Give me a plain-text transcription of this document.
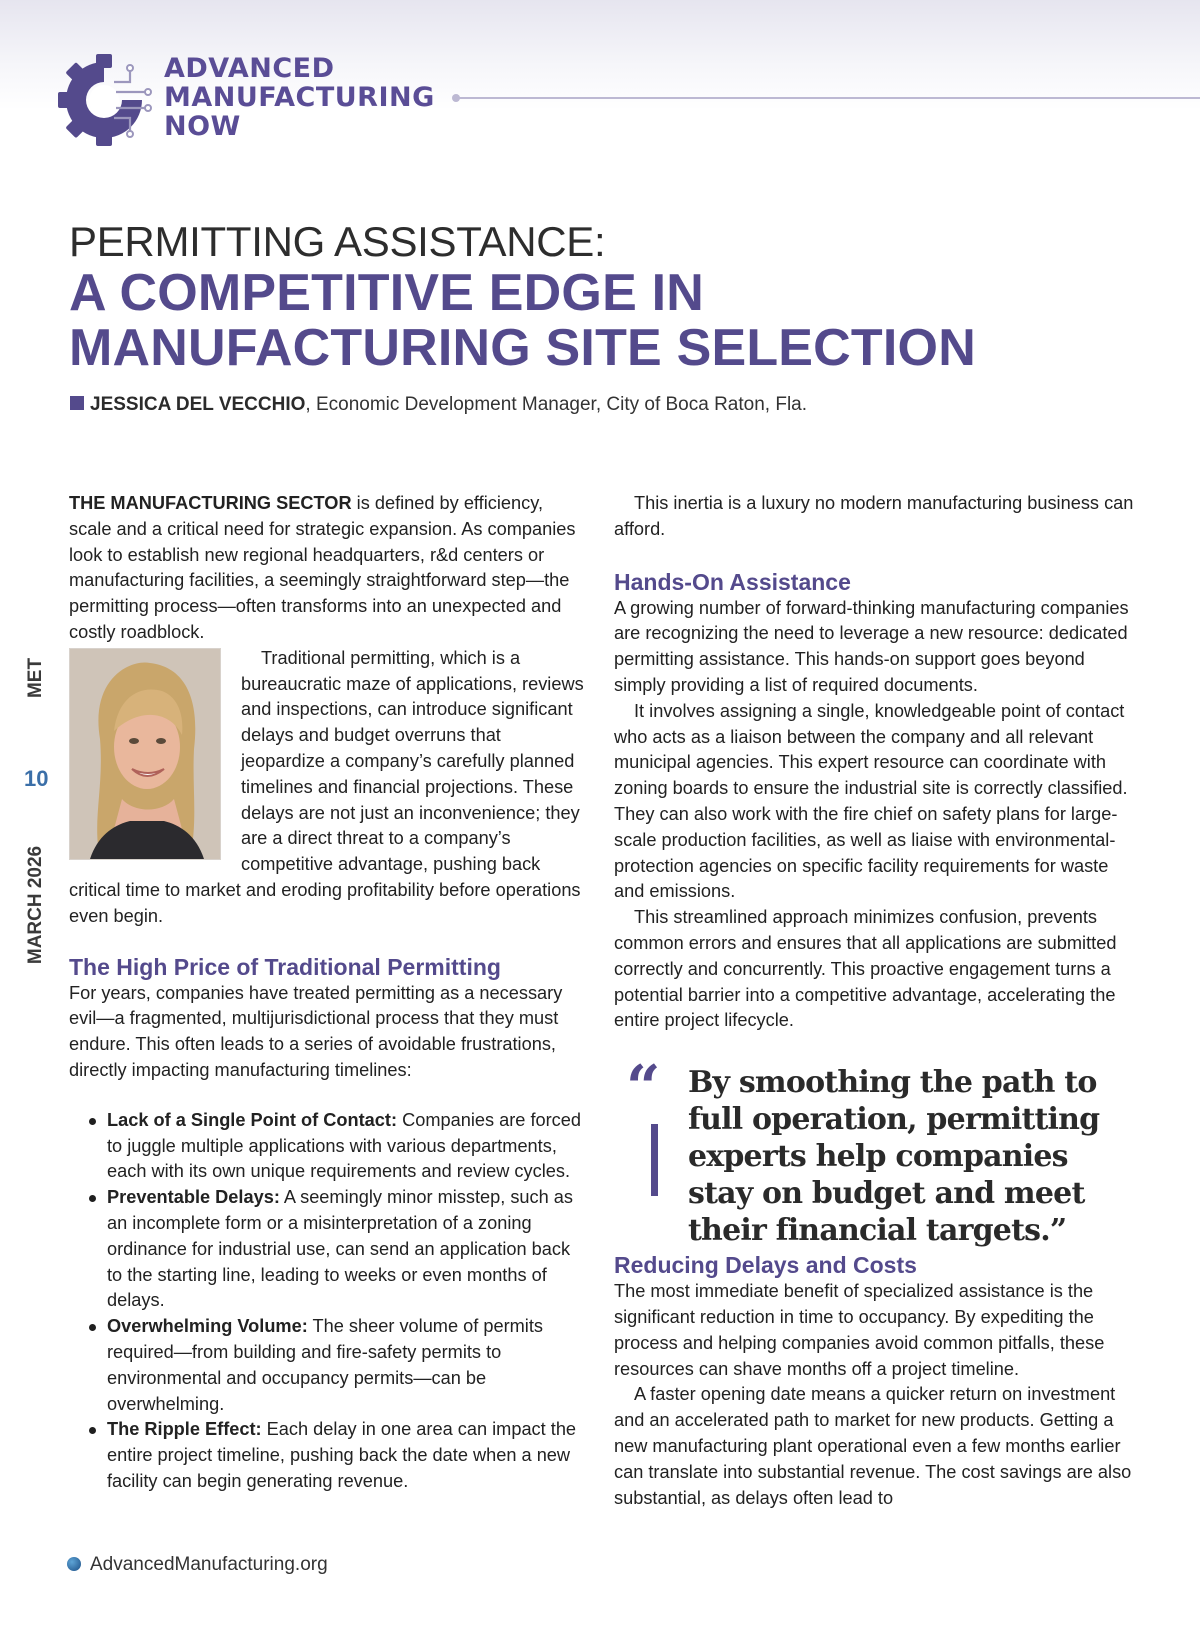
ADVANCED
MANUFACTURING
NOW
PERMITTING ASSISTANCE:
A COMPETITIVE EDGE IN
MANUFACTURING SITE SELECTION
JESSICA DEL VECCHIO, Economic Development Manager, City of Boca Raton, Fla.
MET
10
MARCH 2026

THE MANUFACTURING SECTOR is defined by efficiency, scale and a critical need for strategic expansion. As companies look to establish new regional headquarters, r&d centers or manufacturing facilities, a seemingly straightforward step—the permitting process—often transforms into an unexpected and costly roadblock.

Traditional permitting, which is a bureaucratic maze of applications, reviews and inspections, can introduce significant delays and budget overruns that jeopardize a company’s carefully planned timelines and financial projections. These delays are not just an inconvenience; they are a direct threat to a company’s competitive advantage, pushing back critical time to market and eroding profitability before operations even begin.

The High Price of Traditional Permitting

For years, companies have treated permitting as a necessary evil—a fragmented, multijurisdictional process that they must endure. This often leads to a series of avoidable frustrations, directly impacting manufacturing timelines:

Lack of a Single Point of Contact: Companies are forced to juggle multiple applications with various departments, each with its own unique requirements and review cycles.
Preventable Delays: A seemingly minor misstep, such as an incomplete form or a misinterpretation of a zoning ordinance for industrial use, can send an application back to the starting line, leading to weeks or even months of delays.
Overwhelming Volume: The sheer volume of permits required—from building and fire-safety permits to environmental and occupancy permits—can be overwhelming.
The Ripple Effect: Each delay in one area can impact the entire project timeline, pushing back the date when a new facility can begin generating revenue.

This inertia is a luxury no modern manufacturing business can afford.

Hands-On Assistance

A growing number of forward-thinking manufacturing companies are recognizing the need to leverage a new resource: dedicated permitting assistance. This hands-on support goes beyond simply providing a list of required documents.

It involves assigning a single, knowledgeable point of contact who acts as a liaison between the company and all relevant municipal agencies. This expert resource can coordinate with zoning boards to ensure the industrial site is correctly classified. They can also work with the fire chief on safety plans for large-scale production facilities, as well as liaise with environmental-protection agencies on specific facility requirements for waste and emissions.

This streamlined approach minimizes confusion, prevents common errors and ensures that all applications are submitted correctly and concurrently. This proactive engagement turns a potential barrier into a competitive advantage, accelerating the entire project lifecycle.

“ By smoothing the path to full operation, permitting experts help companies stay on budget and meet their financial targets.”
Reducing Delays and Costs

The most immediate benefit of specialized assistance is the significant reduction in time to occupancy. By expediting the process and helping companies avoid common pitfalls, these resources can shave months off a project timeline.

A faster opening date means a quicker return on investment and an accelerated path to market for new products. Getting a new manufacturing plant operational even a few months earlier can translate into substantial revenue. The cost savings are also substantial, as delays often lead to

AdvancedManufacturing.org
